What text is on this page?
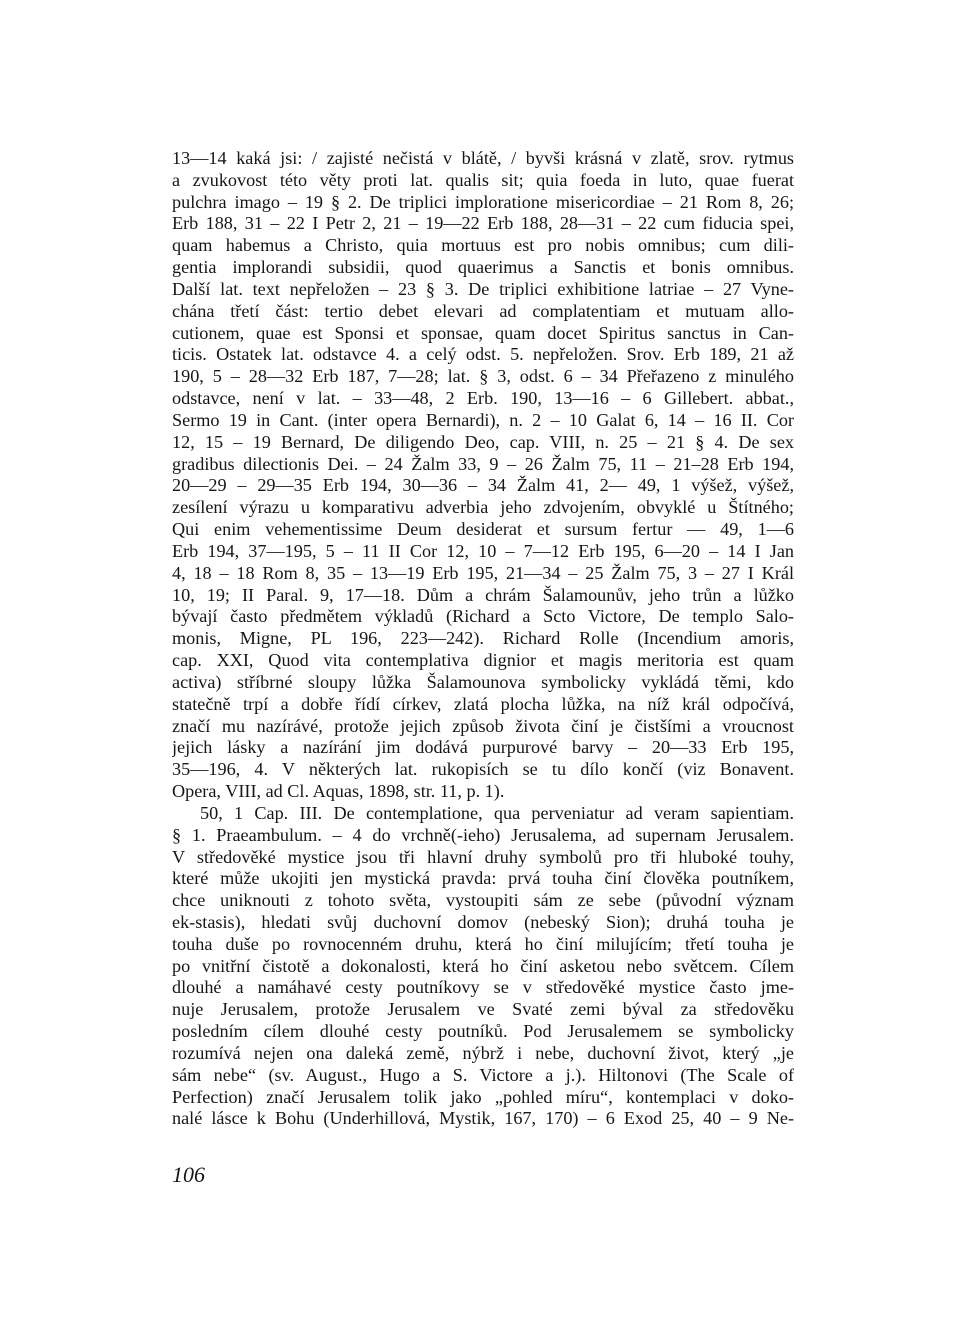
13—14 kaká jsi: / zajisté nečistá v blátě, / byvši krásná v zlatě, srov. rytmus
a zvukovost této věty proti lat. qualis sit; quia foeda in luto, quae fuerat
pulchra imago – 19 § 2. De triplici imploratione misericordiae – 21 Rom 8, 26;
Erb 188, 31 – 22 I Petr 2, 21 – 19—22 Erb 188, 28—31 – 22 cum fiducia spei,
quam habemus a Christo, quia mortuus est pro nobis omnibus; cum dili-
gentia implorandi subsidii, quod quaerimus a Sanctis et bonis omnibus.
Další lat. text nepřeložen – 23 § 3. De triplici exhibitione latriae – 27 Vyne-
chána třetí část: tertio debet elevari ad complatentiam et mutuam allo-
cutionem, quae est Sponsi et sponsae, quam docet Spiritus sanctus in Can-
ticis. Ostatek lat. odstavce 4. a celý odst. 5. nepřeložen. Srov. Erb 189, 21 až
190, 5 – 28—32 Erb 187, 7—28; lat. § 3, odst. 6 – 34 Přeřazeno z minulého
odstavce, není v lat. – 33—48, 2 Erb. 190, 13—16 – 6 Gillebert. abbat.,
Sermo 19 in Cant. (inter opera Bernardi), n. 2 – 10 Galat 6, 14 – 16 II. Cor
12, 15 – 19 Bernard, De diligendo Deo, cap. VIII, n. 25 – 21 § 4. De sex
gradibus dilectionis Dei. – 24 Žalm 33, 9 – 26 Žalm 75, 11 – 21–28 Erb 194,
20—29 – 29—35 Erb 194, 30—36 – 34 Žalm 41, 2— 49, 1 výšež, výšež,
zesílení výrazu u komparativu adverbia jeho zdvojením, obvyklé u Štítného;
Qui enim vehementissime Deum desiderat et sursum fertur — 49, 1—6
Erb 194, 37—195, 5 – 11 II Cor 12, 10 – 7—12 Erb 195, 6—20 – 14 I Jan
4, 18 – 18 Rom 8, 35 – 13—19 Erb 195, 21—34 – 25 Žalm 75, 3 – 27 I Král
10, 19; II Paral. 9, 17—18. Dům a chrám Šalamounův, jeho trůn a lůžko
bývají často předmětem výkladů (Richard a Scto Victore, De templo Salo-
monis, Migne, PL 196, 223—242). Richard Rolle (Incendium amoris,
cap. XXI, Quod vita contemplativa dignior et magis meritoria est quam
activa) stříbrné sloupy lůžka Šalamounova symbolicky vykládá těmi, kdo
statečně trpí a dobře řídí církev, zlatá plocha lůžka, na níž král odpočívá,
značí mu nazírávé, protože jejich způsob života činí je čistšími a vroucnost
jejich lásky a nazírání jim dodává purpurové barvy – 20—33 Erb 195,
35—196, 4. V některých lat. rukopisích se tu dílo končí (viz Bonavent.
Opera, VIII, ad Cl. Aquas, 1898, str. 11, p. 1).
50, 1 Cap. III. De contemplatione, qua perveniatur ad veram sapientiam.
§ 1. Praeambulum. – 4 do vrchně(-ieho) Jerusalema, ad supernam Jerusalem.
V středověké mystice jsou tři hlavní druhy symbolů pro tři hluboké touhy,
které může ukojiti jen mystická pravda: prvá touha činí člověka poutníkem,
chce uniknouti z tohoto světa, vystoupiti sám ze sebe (původní význam
ek-stasis), hledati svůj duchovní domov (nebeský Sion); druhá touha je
touha duše po rovnocenném druhu, která ho činí milujícím; třetí touha je
po vnitřní čistotě a dokonalosti, která ho činí asketou nebo světcem. Cílem
dlouhé a namáhavé cesty poutníkovy se v středověké mystice často jme-
nuje Jerusalem, protože Jerusalem ve Svaté zemi býval za středověku
posledním cílem dlouhé cesty poutníků. Pod Jerusalemem se symbolicky
rozumívá nejen ona daleká země, nýbrž i nebe, duchovní život, který „je
sám nebe“ (sv. August., Hugo a S. Victore a j.). Hiltonovi (The Scale of
Perfection) značí Jerusalem tolik jako „pohled míru“, kontemplaci v doko-
nalé lásce k Bohu (Underhillová, Mystik, 167, 170) – 6 Exod 25, 40 – 9 Ne-
106
